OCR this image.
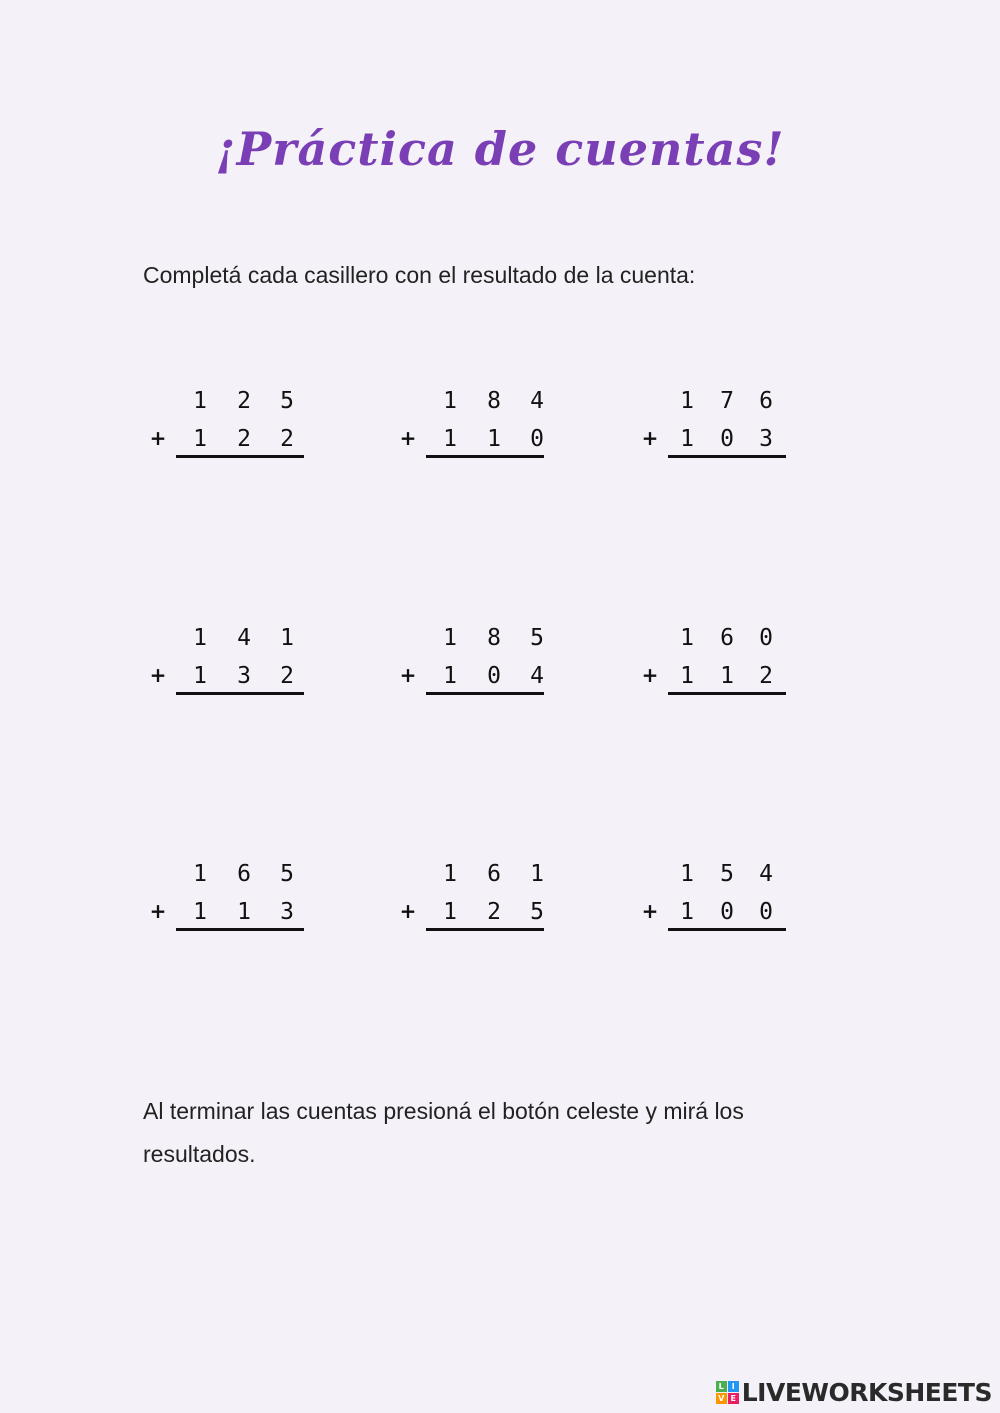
¡Práctica de cuentas!
Completá cada casillero con el resultado de la cuenta:
1 2 5
+ 1 2 2
1 8 4
+ 1 1 0
1 7 6
+ 1 0 3
1 4 1
+ 1 3 2
1 8 5
+ 1 0 4
1 6 0
+ 1 1 2
1 6 5
+ 1 1 3
1 6 1
+ 1 2 5
1 5 4
+ 1 0 0
Al terminar las cuentas presioná el botón celeste y mirá los resultados.
L I
V E LIVEWORKSHEETS
